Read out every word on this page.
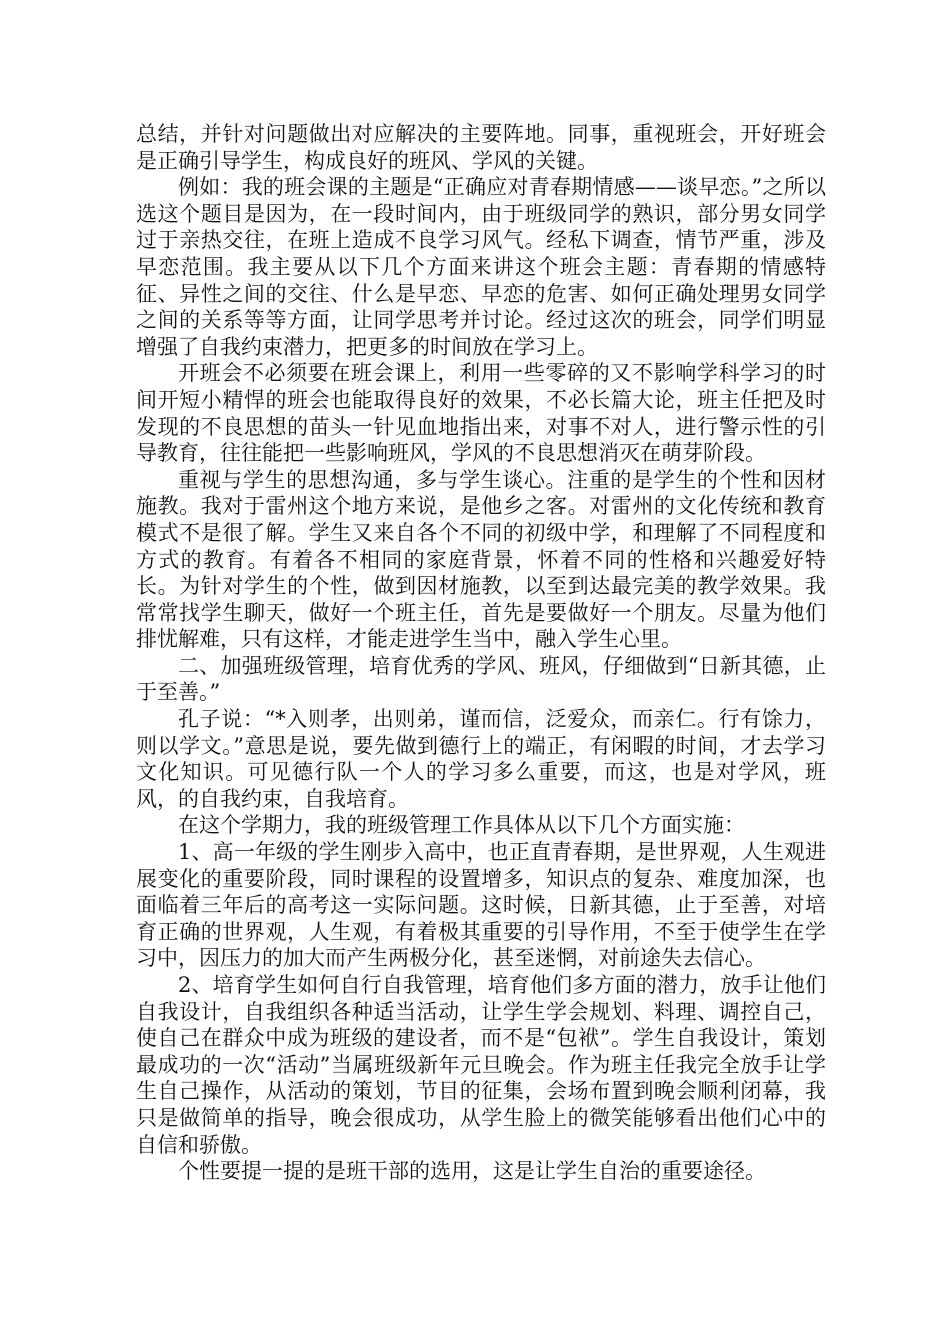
总结，并针对问题做出对应解决的主要阵地。同事，重视班会，开好班会是正确引导学生，构成良好的班风、学风的关键。

例如：我的班会课的主题是“正确应对青春期情感——谈早恋。”之所以选这个题目是因为，在一段时间内，由于班级同学的熟识，部分男女同学过于亲热交往，在班上造成不良学习风气。经私下调查，情节严重，涉及早恋范围。我主要从以下几个方面来讲这个班会主题：青春期的情感特征、异性之间的交往、什么是早恋、早恋的危害、如何正确处理男女同学之间的关系等等方面，让同学思考并讨论。经过这次的班会，同学们明显增强了自我约束潜力，把更多的时间放在学习上。

开班会不必须要在班会课上，利用一些零碎的又不影响学科学习的时间开短小精悍的班会也能取得良好的效果，不必长篇大论，班主任把及时发现的不良思想的苗头一针见血地指出来，对事不对人，进行警示性的引导教育，往往能把一些影响班风，学风的不良思想消灭在萌芽阶段。

重视与学生的思想沟通，多与学生谈心。注重的是学生的个性和因材施教。我对于雷州这个地方来说，是他乡之客。对雷州的文化传统和教育模式不是很了解。学生又来自各个不同的初级中学，和理解了不同程度和方式的教育。有着各不相同的家庭背景，怀着不同的性格和兴趣爱好特长。为针对学生的个性，做到因材施教，以至到达最完美的教学效果。我常常找学生聊天，做好一个班主任，首先是要做好一个朋友。尽量为他们排忧解难，只有这样，才能走进学生当中，融入学生心里。

二、加强班级管理，培育优秀的学风、班风，仔细做到“日新其德，止于至善。”

孔子说：“*入则孝，出则弟，谨而信，泛爱众，而亲仁。行有馀力，则以学文。”意思是说，要先做到德行上的端正，有闲暇的时间，才去学习文化知识。可见德行队一个人的学习多么重要，而这，也是对学风，班风，的自我约束，自我培育。

在这个学期力，我的班级管理工作具体从以下几个方面实施：

1、高一年级的学生刚步入高中，也正直青春期，是世界观，人生观进展变化的重要阶段，同时课程的设置增多，知识点的复杂、难度加深，也面临着三年后的高考这一实际问题。这时候，日新其德，止于至善，对培育正确的世界观，人生观，有着极其重要的引导作用，不至于使学生在学习中，因压力的加大而产生两极分化，甚至迷惘，对前途失去信心。

2、培育学生如何自行自我管理，培育他们多方面的潜力，放手让他们自我设计，自我组织各种适当活动，让学生学会规划、料理、调控自己，使自己在群众中成为班级的建设者，而不是“包袱”。学生自我设计，策划最成功的一次“活动”当属班级新年元旦晚会。作为班主任我完全放手让学生自己操作，从活动的策划，节目的征集，会场布置到晚会顺利闭幕，我只是做简单的指导，晚会很成功，从学生脸上的微笑能够看出他们心中的自信和骄傲。

个性要提一提的是班干部的选用，这是让学生自治的重要途径。
